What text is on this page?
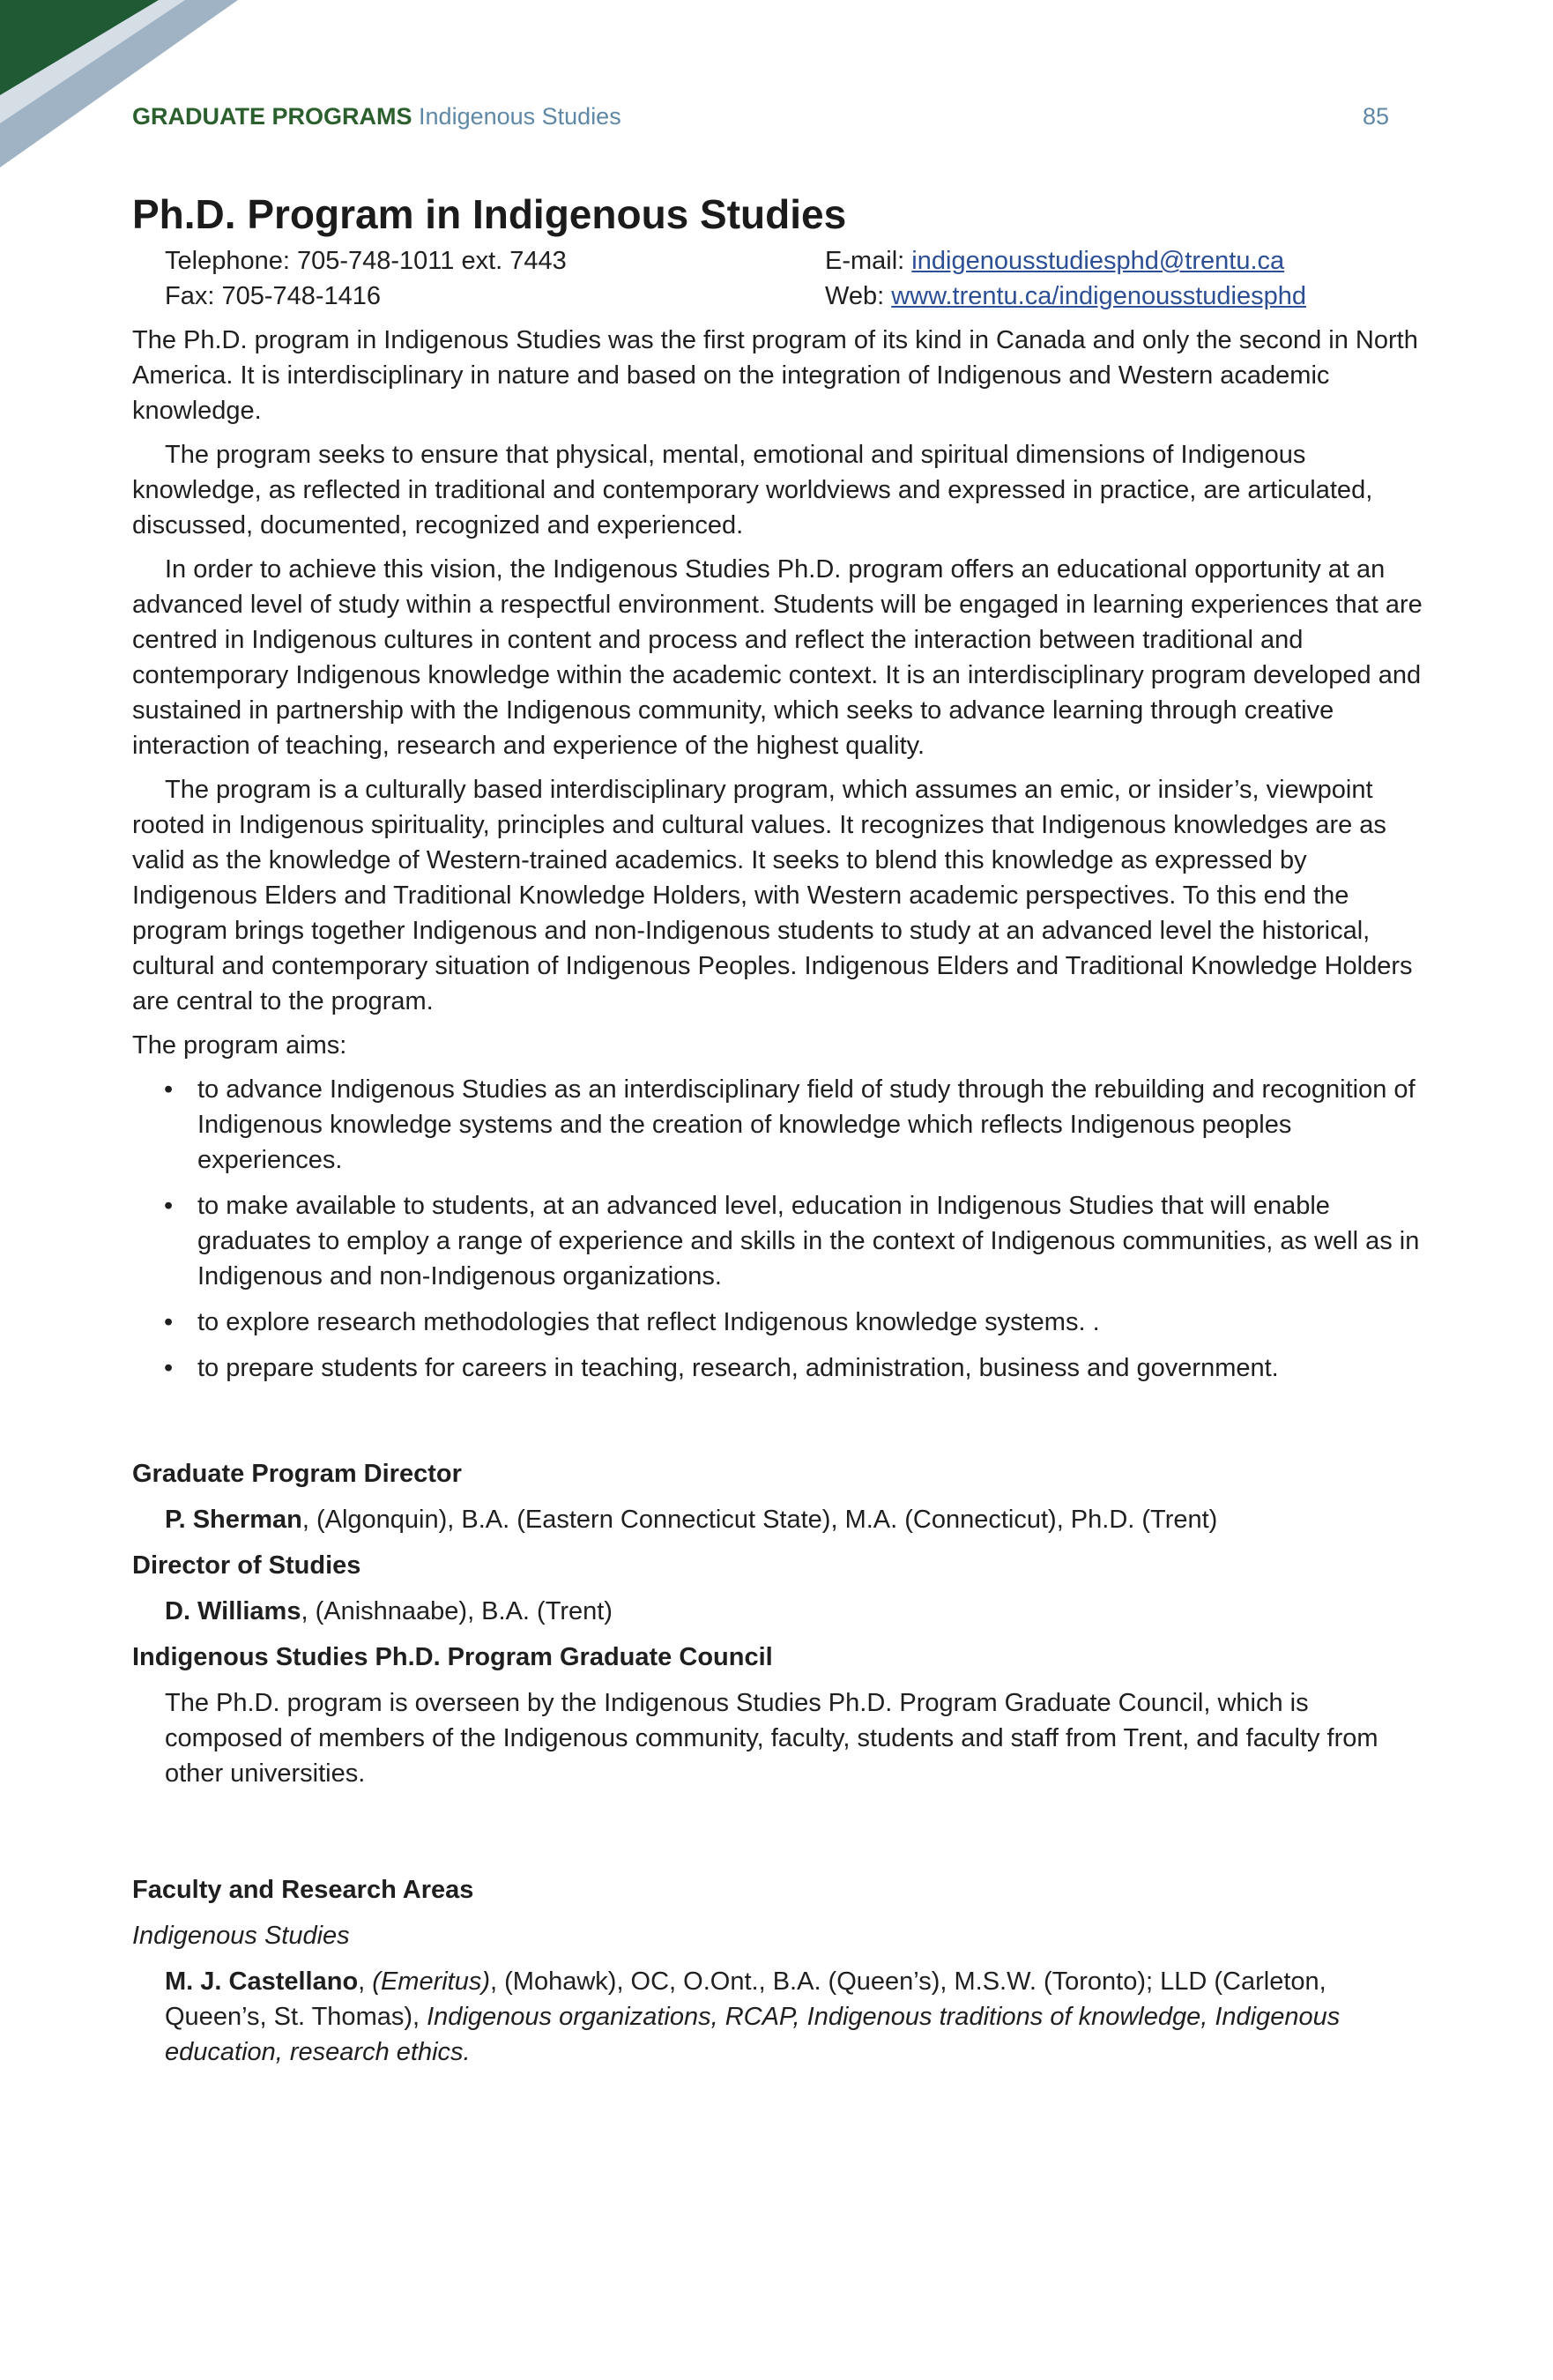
GRADUATE PROGRAMS Indigenous Studies	85
Ph.D. Program in Indigenous Studies
Telephone: 705-748-1011 ext. 7443	E-mail: indigenousstudiesphd@trentu.ca
Fax: 705-748-1416	Web: www.trentu.ca/indigenousstudiesphd

The Ph.D. program in Indigenous Studies was the first program of its kind in Canada and only the second in North America. It is interdisciplinary in nature and based on the integration of Indigenous and Western academic knowledge.

The program seeks to ensure that physical, mental, emotional and spiritual dimensions of Indigenous knowledge, as reflected in traditional and contemporary worldviews and expressed in practice, are articulated, discussed, documented, recognized and experienced.

In order to achieve this vision, the Indigenous Studies Ph.D. program offers an educational opportunity at an advanced level of study within a respectful environment. Students will be engaged in learning experiences that are centred in Indigenous cultures in content and process and reflect the interaction between traditional and contemporary Indigenous knowledge within the academic context. It is an interdisciplinary program developed and sustained in partnership with the Indigenous community, which seeks to advance learning through creative interaction of teaching, research and experience of the highest quality.

The program is a culturally based interdisciplinary program, which assumes an emic, or insider’s, viewpoint rooted in Indigenous spirituality, principles and cultural values. It recognizes that Indigenous knowledges are as valid as the knowledge of Western-trained academics. It seeks to blend this knowledge as expressed by Indigenous Elders and Traditional Knowledge Holders, with Western academic perspectives. To this end the program brings together Indigenous and non-Indigenous students to study at an advanced level the historical, cultural and contemporary situation of Indigenous Peoples. Indigenous Elders and Traditional Knowledge Holders are central to the program.

The program aims:

• to advance Indigenous Studies as an interdisciplinary field of study through the rebuilding and recognition of Indigenous knowledge systems and the creation of knowledge which reflects Indigenous peoples experiences.
• to make available to students, at an advanced level, education in Indigenous Studies that will enable graduates to employ a range of experience and skills in the context of Indigenous communities, as well as in Indigenous and non-Indigenous organizations.
• to explore research methodologies that reflect Indigenous knowledge systems. .
• to prepare students for careers in teaching, research, administration, business and government.

Graduate Program Director

P. Sherman, (Algonquin), B.A. (Eastern Connecticut State), M.A. (Connecticut), Ph.D. (Trent)

Director of Studies

D. Williams, (Anishnaabe), B.A. (Trent)

Indigenous Studies Ph.D. Program Graduate Council

The Ph.D. program is overseen by the Indigenous Studies Ph.D. Program Graduate Council, which is composed of members of the Indigenous community, faculty, students and staff from Trent, and faculty from other universities.

Faculty and Research Areas

Indigenous Studies

M. J. Castellano, (Emeritus), (Mohawk), OC, O.Ont., B.A. (Queen’s), M.S.W. (Toronto); LLD (Carleton, Queen’s, St. Thomas), Indigenous organizations, RCAP, Indigenous traditions of knowledge, Indigenous education, research ethics.
